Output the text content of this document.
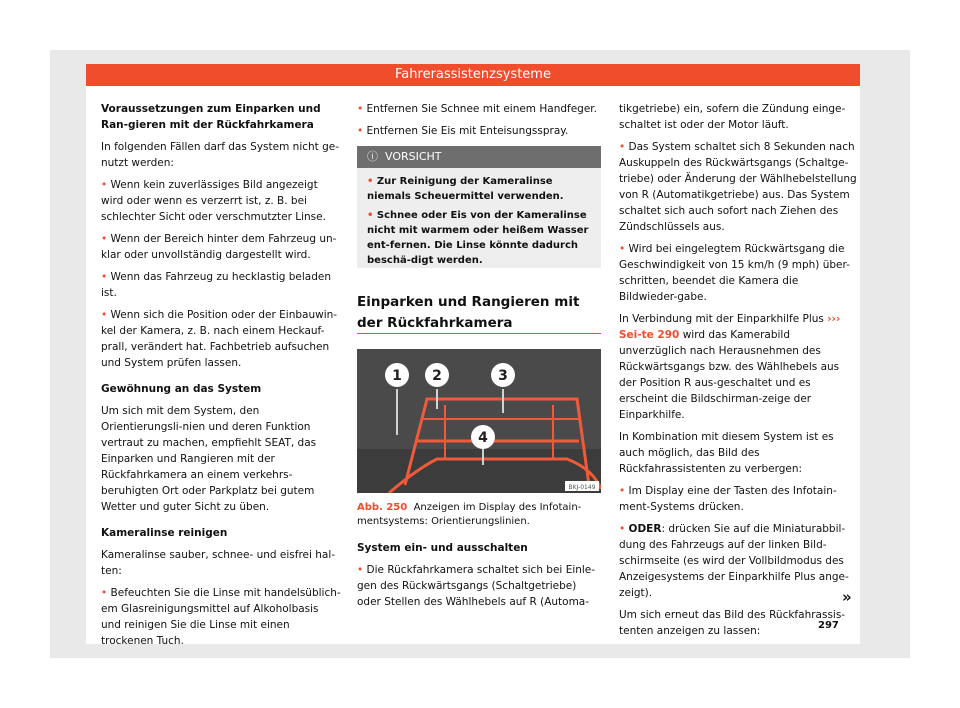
Fahrerassistenzsysteme

Voraussetzungen zum Einparken und Ran-gieren mit der Rückfahrkamera

In folgenden Fällen darf das System nicht ge-nutzt werden:

• Wenn kein zuverlässiges Bild angezeigt wird oder wenn es verzerrt ist, z. B. bei schlechter Sicht oder verschmutzter Linse.

• Wenn der Bereich hinter dem Fahrzeug un-klar oder unvollständig dargestellt wird.

• Wenn das Fahrzeug zu hecklastig beladen ist.

• Wenn sich die Position oder der Einbauwin-kel der Kamera, z. B. nach einem Heckauf-prall, verändert hat. Fachbetrieb aufsuchen und System prüfen lassen.

Gewöhnung an das System

Um sich mit dem System, den Orientierungsli-nien und deren Funktion vertraut zu machen, empfiehlt SEAT, das Einparken und Rangieren mit der Rückfahrkamera an einem verkehrs-beruhigten Ort oder Parkplatz bei gutem Wetter und guter Sicht zu üben.

Kameralinse reinigen

Kameralinse sauber, schnee- und eisfrei hal-ten:

• Befeuchten Sie die Linse mit handelsüblich-em Glasreinigungsmittel auf Alkoholbasis und reinigen Sie die Linse mit einen trockenen Tuch.

• Entfernen Sie Schnee mit einem Handfeger.

• Entfernen Sie Eis mit Enteisungsspray.

ⓘ VORSICHT

• Zur Reinigung der Kameralinse niemals Scheuermittel verwenden.

• Schnee oder Eis von der Kameralinse nicht mit warmem oder heißem Wasser ent-fernen. Die Linse könnte dadurch beschä-digt werden.

Einparken und Rangieren mit der Rückfahrkamera
1 2	3
4
BKJ-0149
Abb. 250 Anzeigen im Display des Infotain-mentsystems: Orientierungslinien.

System ein- und ausschalten

• Die Rückfahrkamera schaltet sich bei Einle-gen des Rückwärtsgangs (Schaltgetriebe) oder Stellen des Wählhebels auf R (Automa-

tikgetriebe) ein, sofern die Zündung einge-schaltet ist oder der Motor läuft.

• Das System schaltet sich 8 Sekunden nach Auskuppeln des Rückwärtsgangs (Schaltge-triebe) oder Änderung der Wählhebelstellung von R (Automatikgetriebe) aus. Das System schaltet sich auch sofort nach Ziehen des Zündschlüssels aus.

• Wird bei eingelegtem Rückwärtsgang die Geschwindigkeit von 15 km/h (9 mph) über-schritten, beendet die Kamera die Bildwieder-gabe.

In Verbindung mit der Einparkhilfe Plus ››› Sei-te 290 wird das Kamerabild unverzüglich nach Herausnehmen des Rückwärtsgangs bzw. des Wählhebels aus der Position R aus-geschaltet und es erscheint die Bildschirman-zeige der Einparkhilfe.

In Kombination mit diesem System ist es auch möglich, das Bild des Rückfahrassistenten zu verbergen:

• Im Display eine der Tasten des Infotain-ment-Systems drücken.

• ODER: drücken Sie auf die Miniaturabbil-dung des Fahrzeugs auf der linken Bild-schirmseite (es wird der Vollbildmodus des Anzeigesystems der Einparkhilfe Plus ange-zeigt).

Um sich erneut das Bild des Rückfahrassis-tenten anzeigen zu lassen:

»
297
